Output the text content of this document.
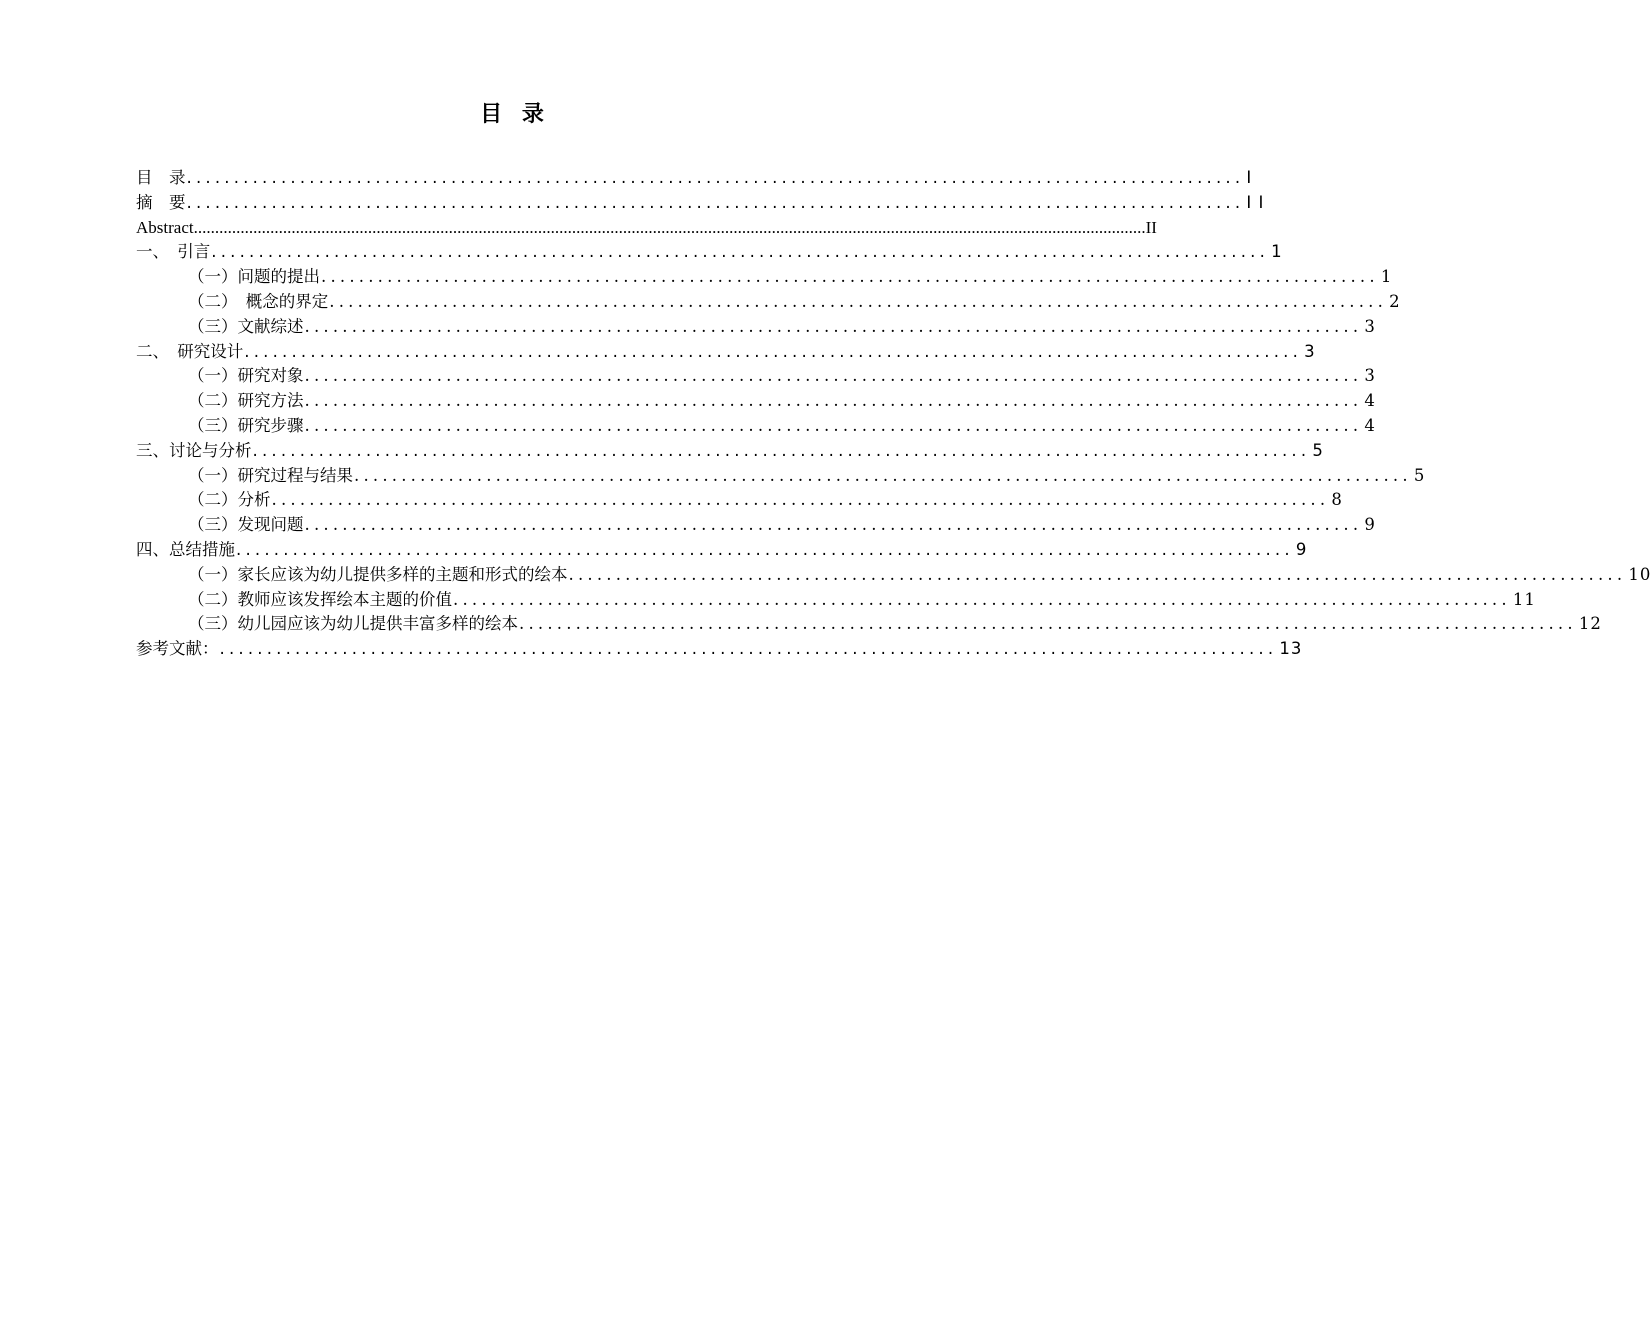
目 录
目　录 ................................................................................................................ I
摘　要 ................................................................................................................ I I
Abstract ................................................................................................................................................................................................................................ II
一、　引言 ................................................................................................................ 1
（一）问题的提出 ................................................................................................................ 1
（二）　概念的界定 ................................................................................................................ 2
（三）文献综述 ................................................................................................................ 3
二、　研究设计 ................................................................................................................ 3
（一）研究对象 ................................................................................................................ 3
（二）研究方法 ................................................................................................................ 4
（三）研究步骤 ................................................................................................................ 4
三、讨论与分析 ................................................................................................................ 5
（一）研究过程与结果 ................................................................................................................ 5
（二）分析 ................................................................................................................ 8
（三）发现问题 ................................................................................................................ 9
四、总结措施 ................................................................................................................ 9
（一）家长应该为幼儿提供多样的主题和形式的绘本 ................................................................................................................ 10
（二）教师应该发挥绘本主题的价值 ................................................................................................................ 11
（三）幼儿园应该为幼儿提供丰富多样的绘本 ................................................................................................................ 12
参考文献： ................................................................................................................ 13
